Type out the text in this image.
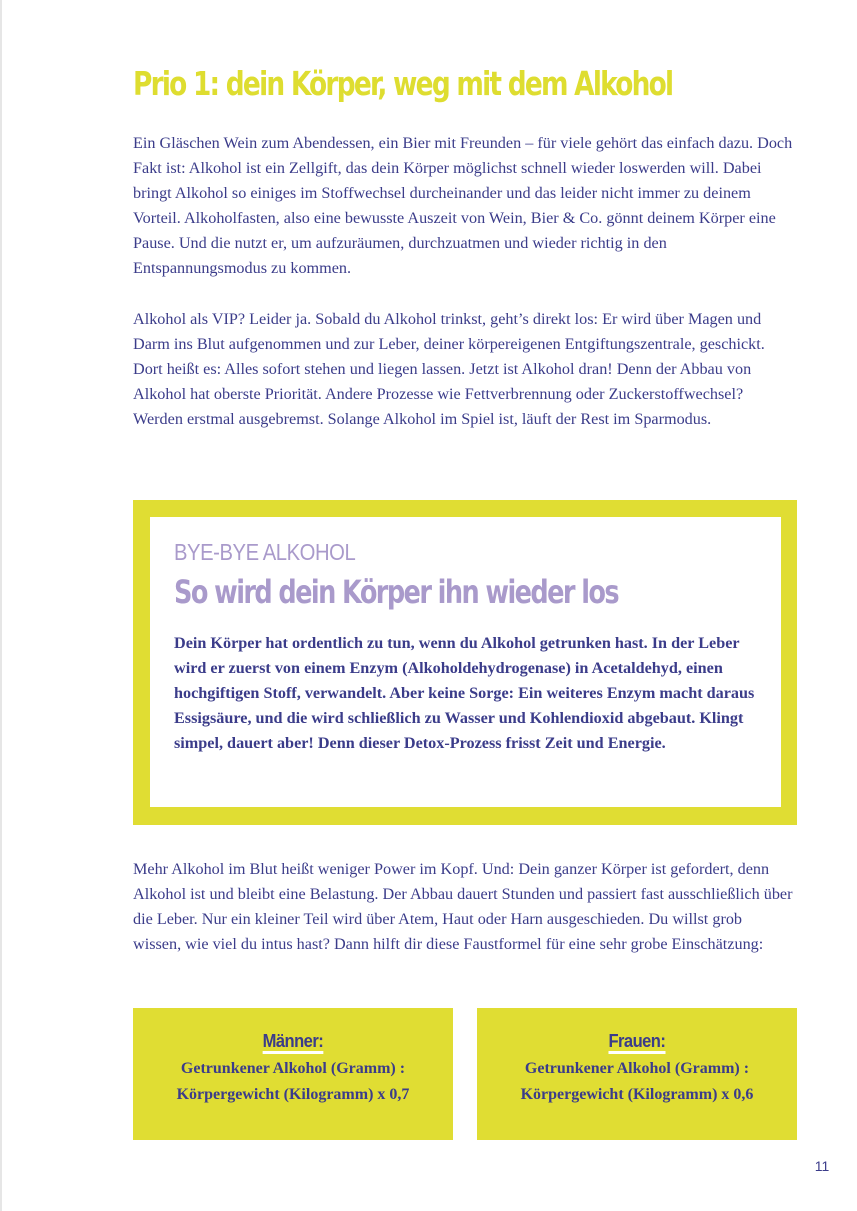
Prio 1: dein Körper, weg mit dem Alkohol

Ein Gläschen Wein zum Abendessen, ein Bier mit Freunden – für viele gehört das einfach dazu. Doch Fakt ist: Alkohol ist ein Zellgift, das dein Körper möglichst schnell wieder loswerden will. Dabei bringt Alkohol so einiges im Stoffwechsel durcheinander und das leider nicht immer zu deinem Vorteil. Alkoholfasten, also eine bewusste Auszeit von Wein, Bier & Co. gönnt deinem Körper eine Pause. Und die nutzt er, um aufzuräumen, durchzuatmen und wieder richtig in den Entspannungsmodus zu kommen.

Alkohol als VIP? Leider ja. Sobald du Alkohol trinkst, geht’s direkt los: Er wird über Magen und Darm ins Blut aufgenommen und zur Leber, deiner körpereigenen Entgiftungszentrale, geschickt. Dort heißt es: Alles sofort stehen und liegen lassen. Jetzt ist Alkohol dran! Denn der Abbau von Alkohol hat oberste Priorität. Andere Prozesse wie Fettverbrennung oder Zuckerstoffwechsel? Werden erstmal ausgebremst. Solange Alkohol im Spiel ist, läuft der Rest im Sparmodus.

BYE-BYE ALKOHOL
So wird dein Körper ihn wieder los

Dein Körper hat ordentlich zu tun, wenn du Alkohol getrunken hast. In der Leber wird er zuerst von einem Enzym (Alkoholdehydrogenase) in Acetaldehyd, einen hochgiftigen Stoff, verwandelt. Aber keine Sorge: Ein weiteres Enzym macht daraus Essigsäure, und die wird schließlich zu Wasser und Kohlendioxid abgebaut. Klingt simpel, dauert aber! Denn dieser Detox-Prozess frisst Zeit und Energie.

Mehr Alkohol im Blut heißt weniger Power im Kopf. Und: Dein ganzer Körper ist gefordert, denn Alkohol ist und bleibt eine Belastung. Der Abbau dauert Stunden und passiert fast ausschließlich über die Leber. Nur ein kleiner Teil wird über Atem, Haut oder Harn ausgeschieden. Du willst grob wissen, wie viel du intus hast? Dann hilft dir diese Faustformel für eine sehr grobe Einschätzung:

Männer:
Getrunkener Alkohol (Gramm) :
Körpergewicht (Kilogramm) x 0,7
Frauen:
Getrunkener Alkohol (Gramm) :
Körpergewicht (Kilogramm) x 0,6
11
